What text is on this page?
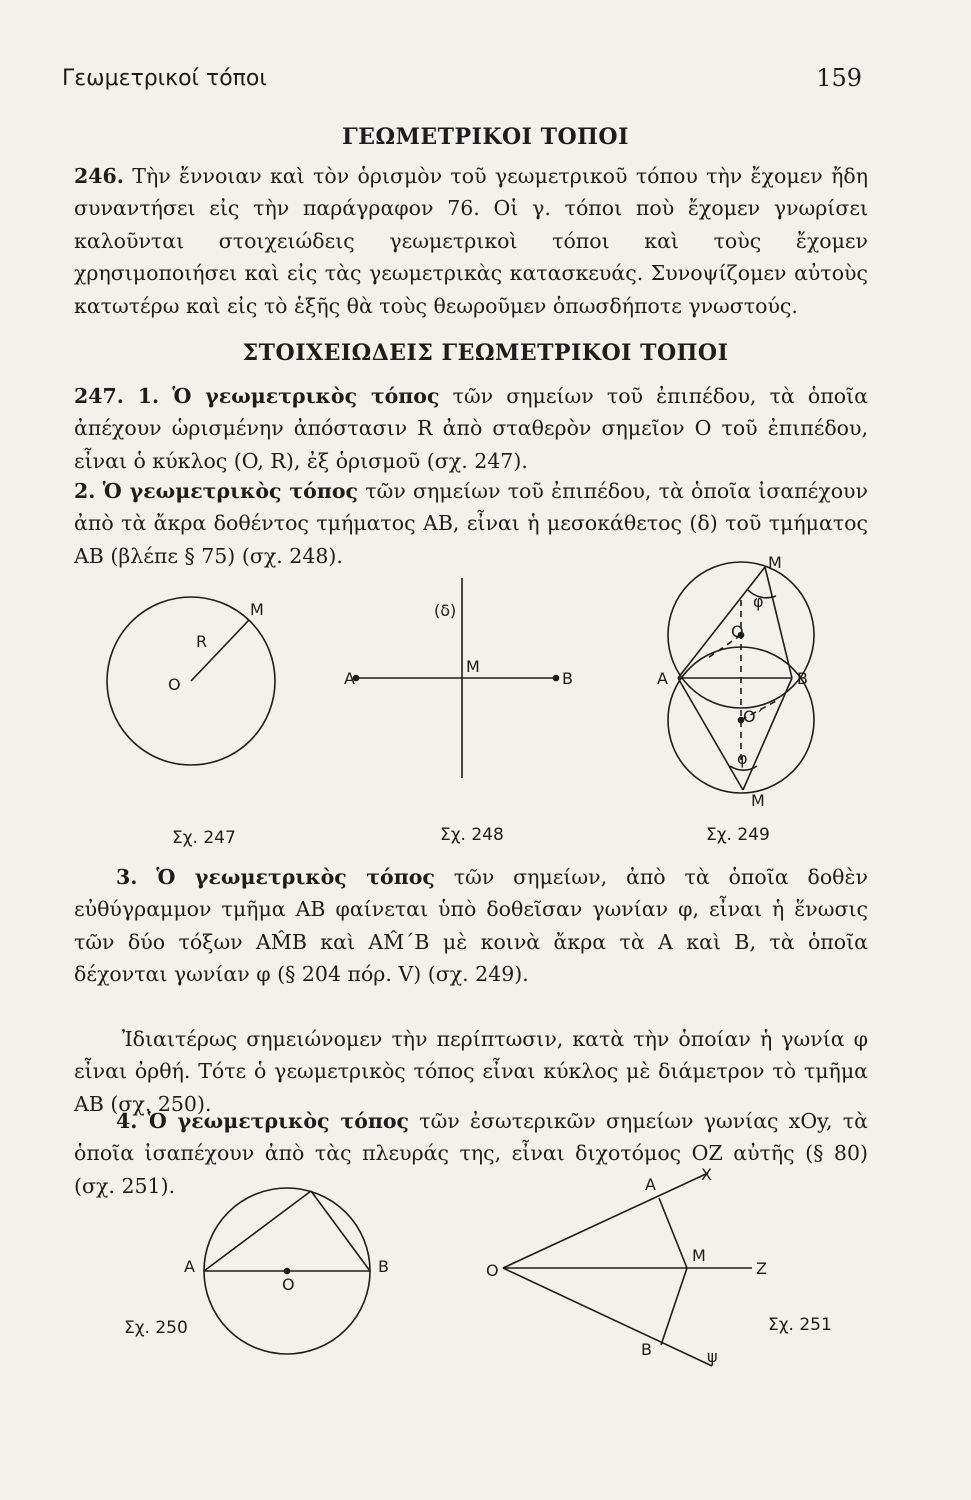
Γεωμετρικοί τόποι	159
ΓΕΩΜΕΤΡΙΚΟΙ ΤΟΠΟΙ

246. Τὴν ἔννοιαν καὶ τὸν ὁρισμὸν τοῦ γεωμετρικοῦ τόπου τὴν ἔχομεν ἤδη συναντήσει εἰς τὴν παράγραφον 76. Οἱ γ. τόποι ποὺ ἔχομεν γνωρίσει καλοῦνται στοιχειώδεις γεωμετρικοὶ τόποι καὶ τοὺς ἔχομεν χρησιμοποιήσει καὶ εἰς τὰς γεωμετρικὰς κατασκευάς. Συνοψίζομεν αὐτοὺς κατωτέρω καὶ εἰς τὸ ἑξῆς θὰ τοὺς θεωροῦμεν ὁπωσδήποτε γνωστούς.

ΣΤΟΙΧΕΙΩΔΕΙΣ ΓΕΩΜΕΤΡΙΚΟΙ ΤΟΠΟΙ

247. 1. Ὁ γεωμετρικὸς τόπος τῶν σημείων τοῦ ἐπιπέδου, τὰ ὁποῖα ἀπέχουν ὡρισμένην ἀπόστασιν R ἀπὸ σταθερὸν σημεῖον O τοῦ ἐπιπέδου, εἶναι ὁ κύκλος (O, R), ἐξ ὁρισμοῦ (σχ. 247).

2. Ὁ γεωμετρικὸς τόπος τῶν σημείων τοῦ ἐπιπέδου, τὰ ὁποῖα ἰσαπέχουν ἀπὸ τὰ ἄκρα δοθέντος τμήματος AB, εἶναι ἡ μεσοκάθετος (δ) τοῦ τμήματος AB (βλέπε § 75) (σχ. 248).

M
R
O
Σχ. 247
(δ)
A
M
B
Σχ. 248
M
φ
O
A	B
O΄
φ
M
Σχ. 249
A
O
B
Σχ. 250
A
X
O
M
Z
B	ψ
Σχ. 251

3. Ὁ γεωμετρικὸς τόπος τῶν σημείων, ἀπὸ τὰ ὁποῖα δοθὲν εὐθύγραμμον τμῆμα AB φαίνεται ὑπὸ δοθεῖσαν γωνίαν φ, εἶναι ἡ ἕνωσις τῶν δύο τόξων AM̂B καὶ AM̂΄B μὲ κοινὰ ἄκρα τὰ A καὶ B, τὰ ὁποῖα δέχονται γωνίαν φ (§ 204 πόρ. V) (σχ. 249).

Ἰδιαιτέρως σημειώνομεν τὴν περίπτωσιν, κατὰ τὴν ὁποίαν ἡ γωνία φ εἶναι ὀρθή. Τότε ὁ γεωμετρικὸς τόπος εἶναι κύκλος μὲ διάμετρον τὸ τμῆμα AB (σχ. 250).

4. Ὁ γεωμετρικὸς τόπος τῶν ἐσωτερικῶν σημείων γωνίας xOy, τὰ ὁποῖα ἰσαπέχουν ἀπὸ τὰς πλευράς της, εἶναι διχοτόμος OZ αὐτῆς (§ 80) (σχ. 251).
